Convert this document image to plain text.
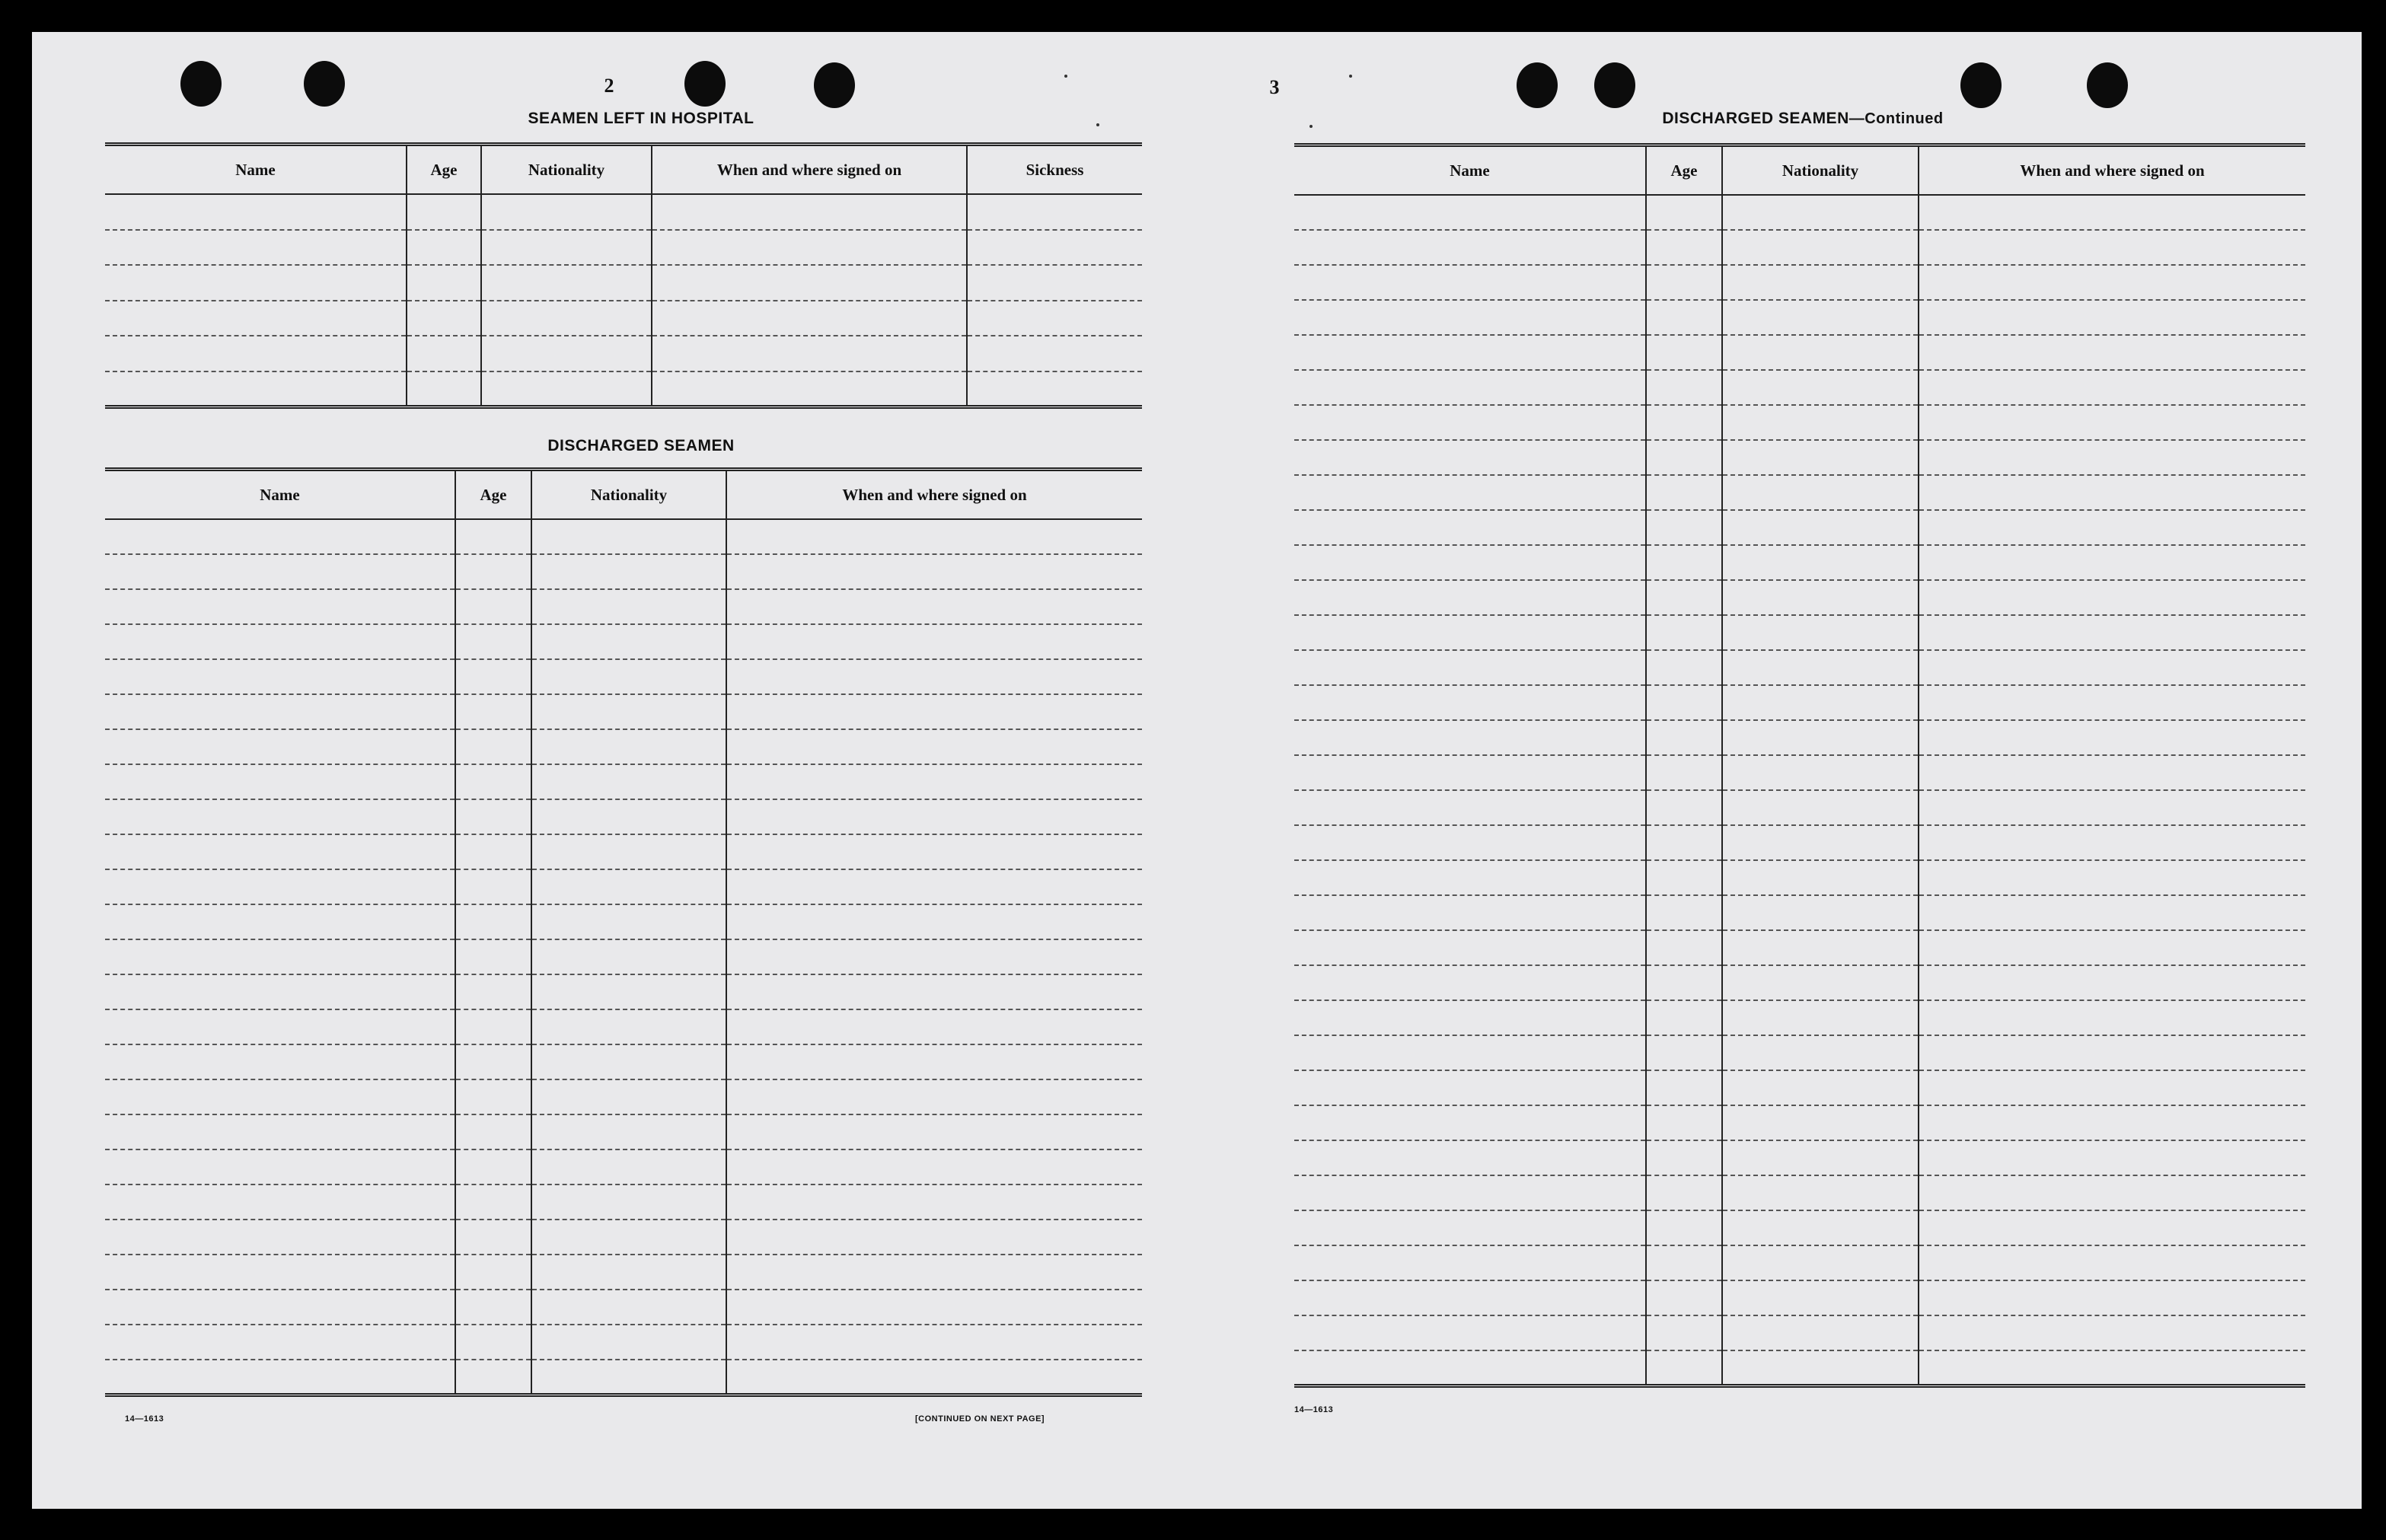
2
SEAMEN LEFT IN HOSPITAL
Name	Age	Nationality	When and where signed on	Sickness

DISCHARGED SEAMEN
Name	Age	Nationality	When and where signed on

14—1613	[CONTINUED ON NEXT PAGE]
3
DISCHARGED SEAMEN—Continued
Name	Age	Nationality	When and where signed on

14—1613
